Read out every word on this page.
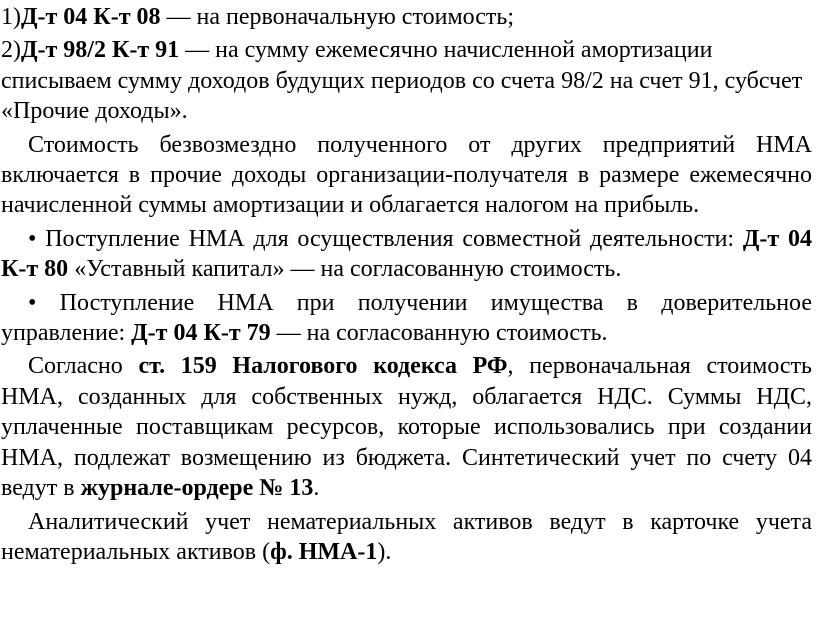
1)Д-т 04 К-т 08 — на первоначальную стоимость;

2)Д-т 98/2 К-т 91 — на сумму ежемесячно начисленной амортизации списываем сумму доходов будущих периодов со счета 98/2 на счет 91, субсчет «Прочие доходы».

Стоимость безвозмездно полученного от других предприятий НМА включается в прочие доходы организации-получателя в размере ежемесячно начисленной суммы амортизации и облагается налогом на прибыль.

• Поступление НМА для осуществления совместной деятельности: Д-т 04 К-т 80 «Уставный капитал» — на согласованную стоимость.

• Поступление НМА при получении имущества в доверительное управление: Д-т 04 К-т 79 — на согласованную стоимость.

Согласно ст. 159 Налогового кодекса РФ, первоначальная стоимость НМА, созданных для собственных нужд, облагается НДС. Суммы НДС, уплаченные поставщикам ресурсов, которые использовались при создании НМА, подлежат возмещению из бюджета. Синтетический учет по счету 04 ведут в журнале-ордере № 13.

Аналитический учет нематериальных активов ведут в карточке учета нематериальных активов (ф. НМА-1).
